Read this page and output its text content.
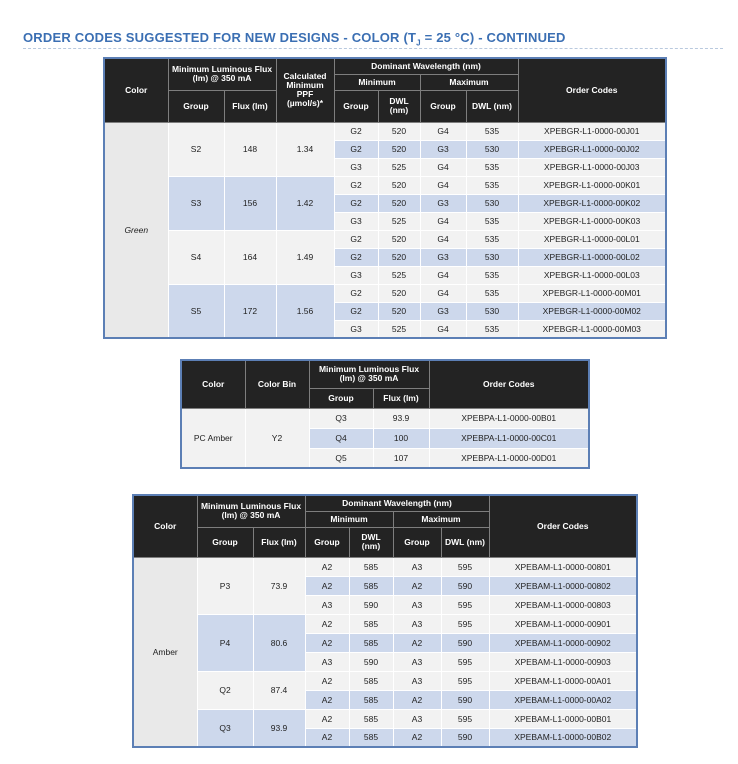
ORDER CODES SUGGESTED FOR NEW DESIGNS - COLOR ($T_J = 25$ °C) - CONTINUED
Color	Minimum Luminous Flux (lm) @ 350 mA		Calculated Minimum PPF (µmol/s)*	Dominant Wavelength (nm)				Order Codes
				Minimum		Maximum		
	Group	Flux (lm)		Group	DWL (nm)	Group	DWL (nm)	
Green	S2	148	1.34	G2	520	G4	535	XPEBGR-L1-0000-00J01
				G2	520	G3	530	XPEBGR-L1-0000-00J02
				G3	525	G4	535	XPEBGR-L1-0000-00J03
	S3	156	1.42	G2	520	G4	535	XPEBGR-L1-0000-00K01
				G2	520	G3	530	XPEBGR-L1-0000-00K02
				G3	525	G4	535	XPEBGR-L1-0000-00K03
	S4	164	1.49	G2	520	G4	535	XPEBGR-L1-0000-00L01
				G2	520	G3	530	XPEBGR-L1-0000-00L02
				G3	525	G4	535	XPEBGR-L1-0000-00L03
	S5	172	1.56	G2	520	G4	535	XPEBGR-L1-0000-00M01
				G2	520	G3	530	XPEBGR-L1-0000-00M02
				G3	525	G4	535	XPEBGR-L1-0000-00M03
Color	Color Bin	Minimum Luminous Flux (lm) @ 350 mA		Order Codes
		Group	Flux (lm)	
PC Amber	Y2	Q3	93.9	XPEBPA-L1-0000-00B01
		Q4	100	XPEBPA-L1-0000-00C01
		Q5	107	XPEBPA-L1-0000-00D01
Color	Minimum Luminous Flux (lm) @ 350 mA		Dominant Wavelength (nm)				Order Codes
			Minimum		Maximum		
	Group	Flux (lm)	Group	DWL (nm)	Group	DWL (nm)	
Amber	P3	73.9	A2	585	A3	595	XPEBAM-L1-0000-00801
			A2	585	A2	590	XPEBAM-L1-0000-00802
			A3	590	A3	595	XPEBAM-L1-0000-00803
	P4	80.6	A2	585	A3	595	XPEBAM-L1-0000-00901
			A2	585	A2	590	XPEBAM-L1-0000-00902
			A3	590	A3	595	XPEBAM-L1-0000-00903
	Q2	87.4	A2	585	A3	595	XPEBAM-L1-0000-00A01
			A2	585	A2	590	XPEBAM-L1-0000-00A02
	Q3	93.9	A2	585	A3	595	XPEBAM-L1-0000-00B01
			A2	585	A2	590	XPEBAM-L1-0000-00B02
